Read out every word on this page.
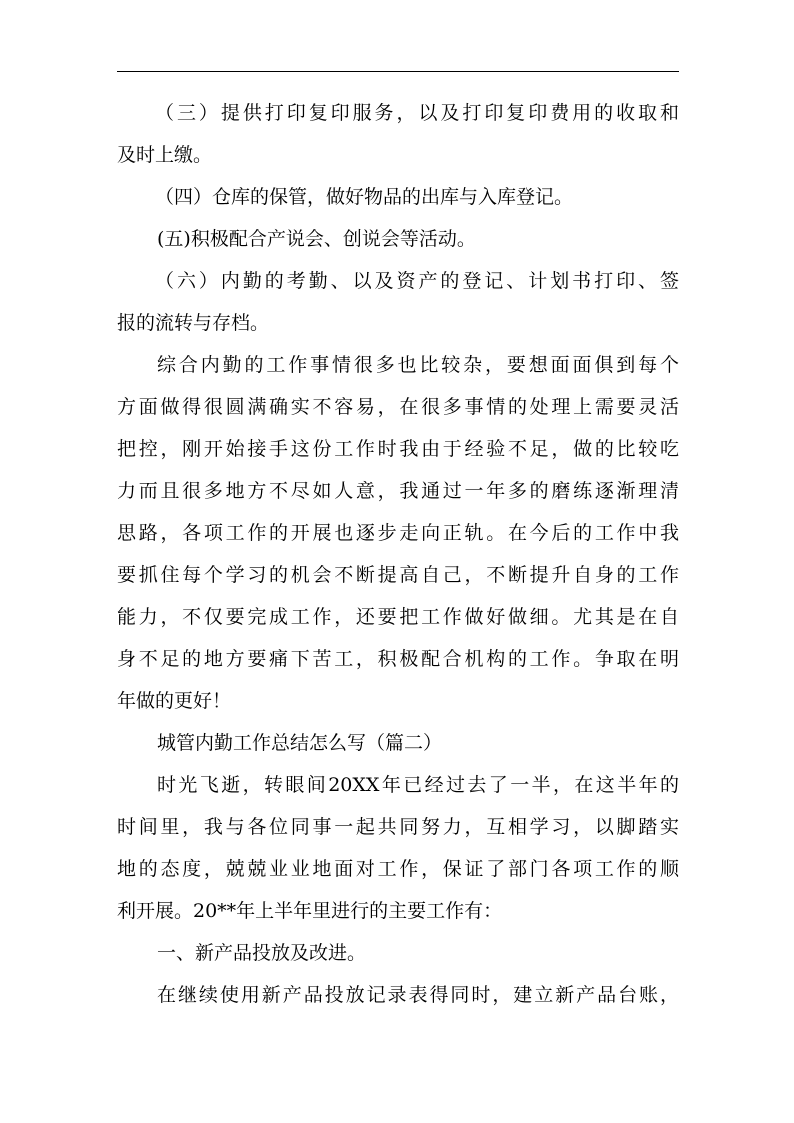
（三）提供打印复印服务，以及打印复印费用的收取和
及时上缴。
（四）仓库的保管，做好物品的出库与入库登记。
(五)积极配合产说会、创说会等活动。
（六）内勤的考勤、以及资产的登记、计划书打印、签
报的流转与存档。
综合内勤的工作事情很多也比较杂，要想面面俱到每个
方面做得很圆满确实不容易，在很多事情的处理上需要灵活
把控，刚开始接手这份工作时我由于经验不足，做的比较吃
力而且很多地方不尽如人意，我通过一年多的磨练逐渐理清
思路，各项工作的开展也逐步走向正轨。在今后的工作中我
要抓住每个学习的机会不断提高自己，不断提升自身的工作
能力，不仅要完成工作，还要把工作做好做细。尤其是在自
身不足的地方要痛下苦工，积极配合机构的工作。争取在明
年做的更好！
城管内勤工作总结怎么写（篇二）
时光飞逝，转眼间20XX年已经过去了一半，在这半年的
时间里，我与各位同事一起共同努力，互相学习，以脚踏实
地的态度，兢兢业业地面对工作，保证了部门各项工作的顺
利开展。20**年上半年里进行的主要工作有：
一、新产品投放及改进。
在继续使用新产品投放记录表得同时，建立新产品台账，
